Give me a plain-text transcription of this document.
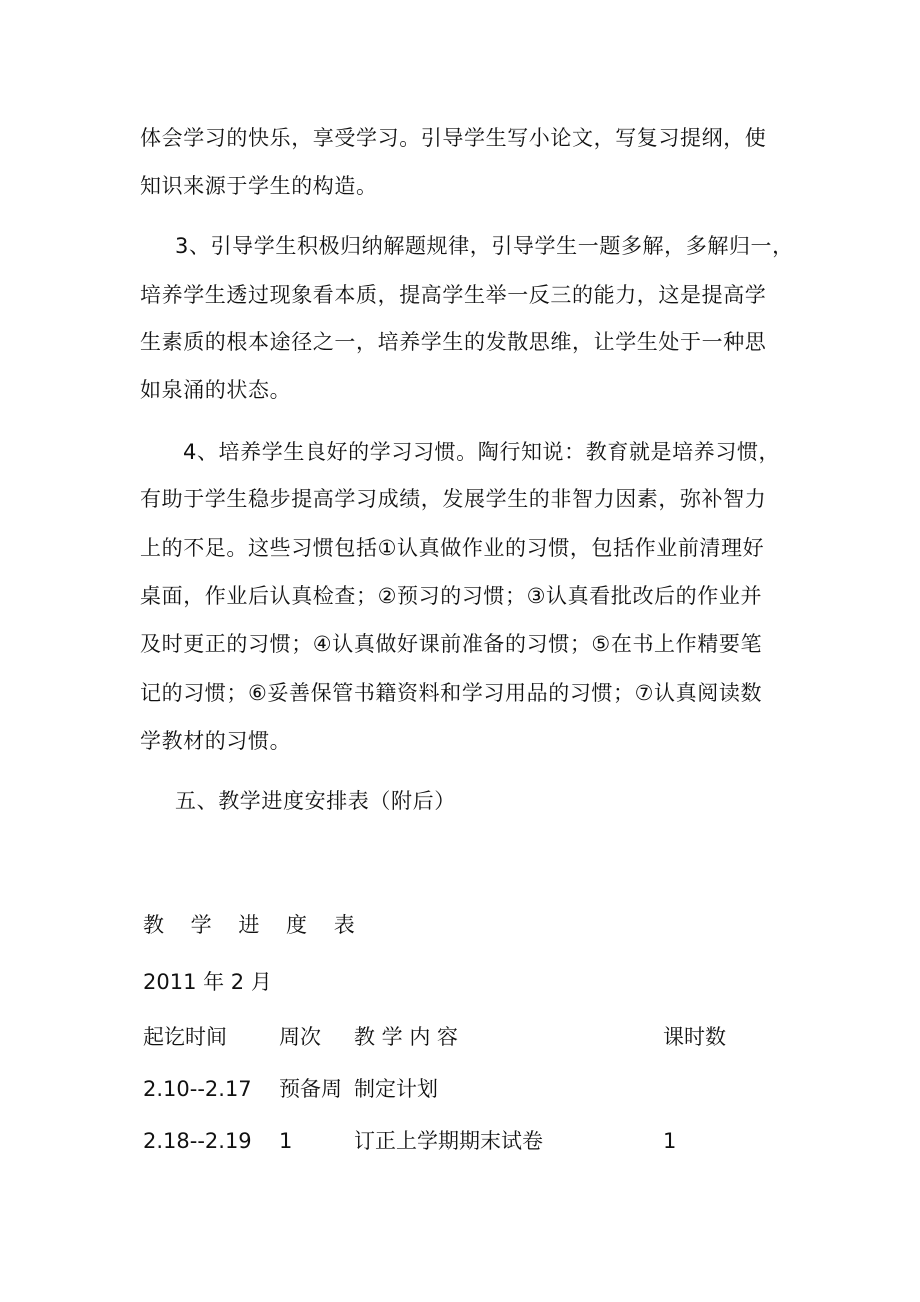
体会学习的快乐，享受学习。引导学生写小论文，写复习提纲，使
知识来源于学生的构造。
3、引导学生积极归纳解题规律，引导学生一题多解，多解归一，
培养学生透过现象看本质，提高学生举一反三的能力，这是提高学
生素质的根本途径之一，培养学生的发散思维，让学生处于一种思
如泉涌的状态。
4、培养学生良好的学习习惯。陶行知说：教育就是培养习惯，
有助于学生稳步提高学习成绩，发展学生的非智力因素，弥补智力
上的不足。这些习惯包括①认真做作业的习惯，包括作业前清理好
桌面，作业后认真检查；②预习的习惯；③认真看批改后的作业并
及时更正的习惯；④认真做好课前准备的习惯；⑤在书上作精要笔
记的习惯；⑥妥善保管书籍资料和学习用品的习惯；⑦认真阅读数
学教材的习惯。
五、教学进度安排表（附后）
教 学 进 度 表
2011 年 2 月
起讫时间 周次 教 学 内 容	课时数
2.10--2.17 预备周 制定计划
2.18--2.19 1	订正上学期期末试卷	1
